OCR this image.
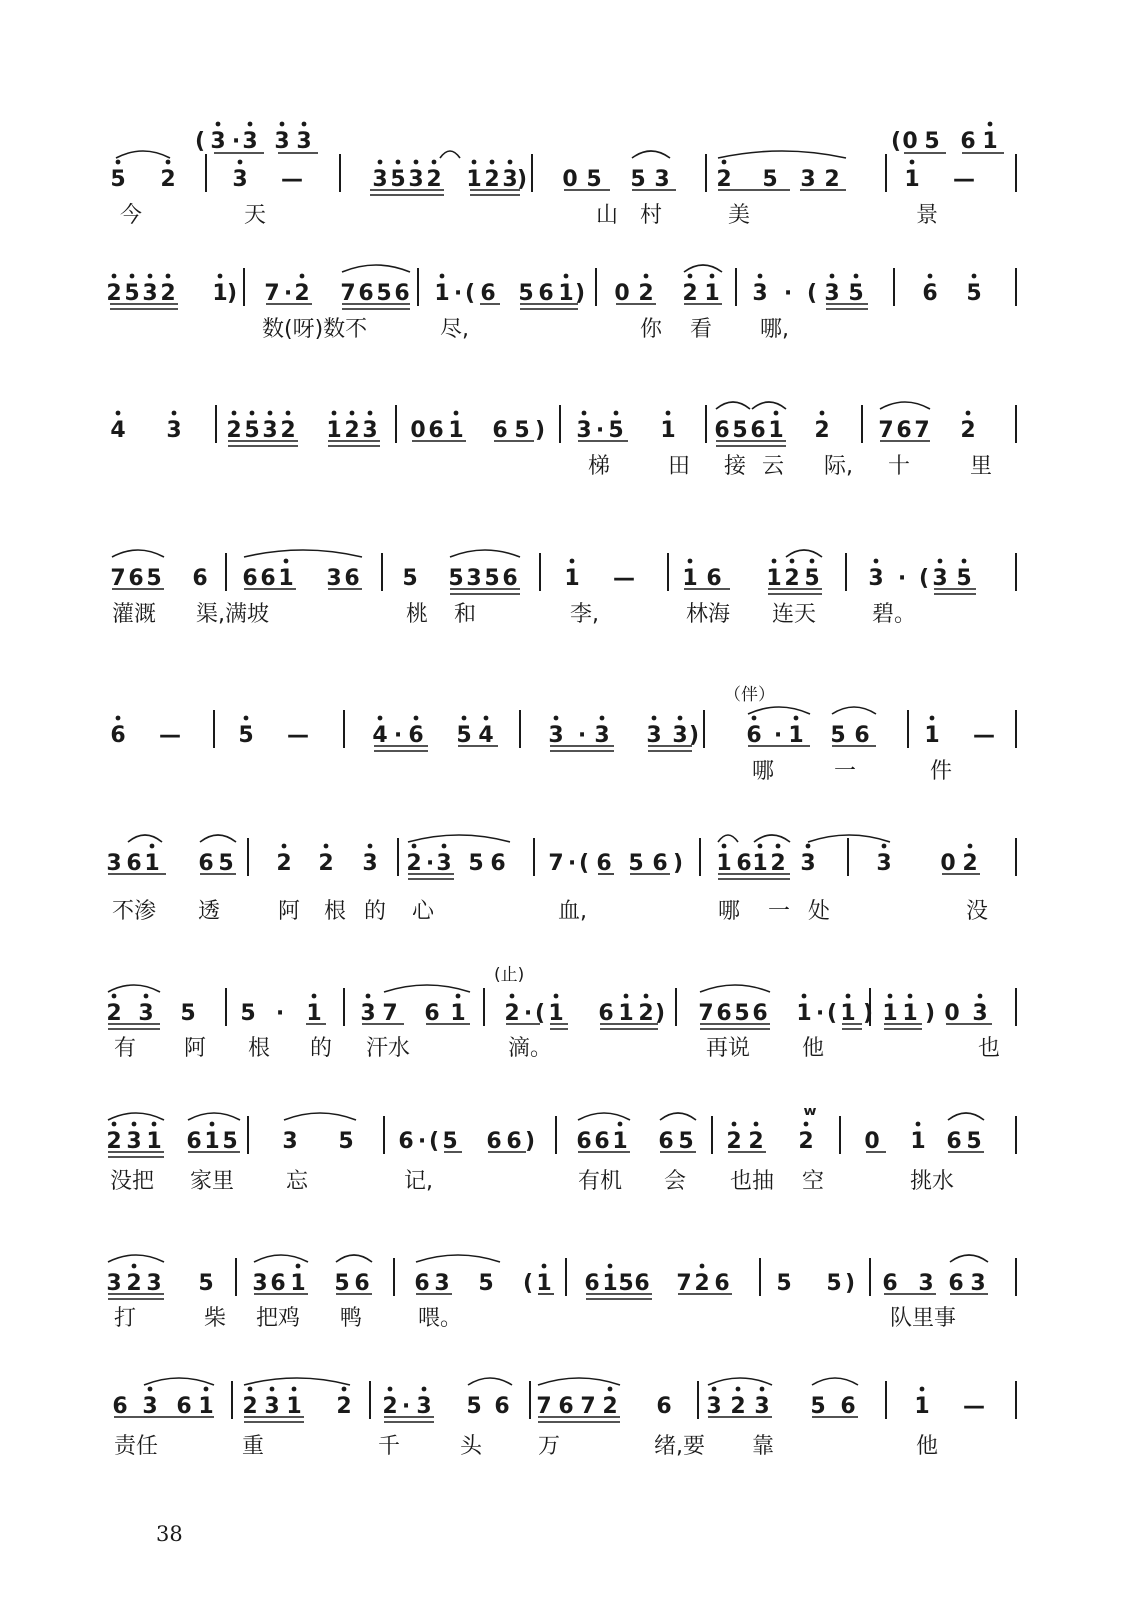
5 2	3 —	3 5 3 2 1 2 3 0 5 5 3 2 5 3 2	1 —
( 3 · 3 3 3
)
( 0 5 6 1
今	天	山 村	美	景
2 5 3 2 1 7 · 2 7 6 5 6 1 · ( 6 5 6 1 0 2 2 1 3 · ( 3 5	6 5
)	)
数(呀)数不	尽,	你 看 哪,
4 3 2 5 3 2 1 2 3 0 6 1 6 5 3 · 5 1 6 5 6 1 2 7 6 7 2
)
梯	田 接 云 际, 十	里
7 6 5 6 6 6 1 3 6 5 5 3 5 6 1 — 1 6 1 2 5 3 · ( 3 5
灌溉 渠,满坡	桃 和	李,	林海 连天	碧。
6 —	5 —	4 · 6 5 4 3 · 3 3 3	6 · 1 5 6 1 —
)
哪	一	件
（伴）
3 6 1 6 5 2 2 3 2 · 3 5 6 7 · ( 6 5 6 1 6 1 2 3	3 0 2
)
不渗 透	阿 根 的 心	血,	哪 一 处	没
2 3 5 5 · 1 3 7 6 1 2 · ( 1 6 1 2 7 6 5 6 1 · ( 1 1 1 0 3
)	) )
有 阿 根 的 汗水	滴。	再说 他	也
(止)
2 3 1 6 1 5 3 5 6 · ( 5 6 6 6 6 1 6 5 2 2 2 0 1 6 5
)
ʷ
没把 家里 忘	记,	有机 会 也抽 空	挑水
3 2 3 5 3 6 1 5 6 6 3 5 ( 1 6 1 5 6 7 2 6 5 5 6 3 6 3
)
打	柴 把鸡 鸭	喂。	队里事
6 3 6 1 2 3 1 2 2 · 3 5 6 7 6 7 2 6 3 2 3 5 6	1 —
责任	重	千	头	万	绪,要 靠	他
38
